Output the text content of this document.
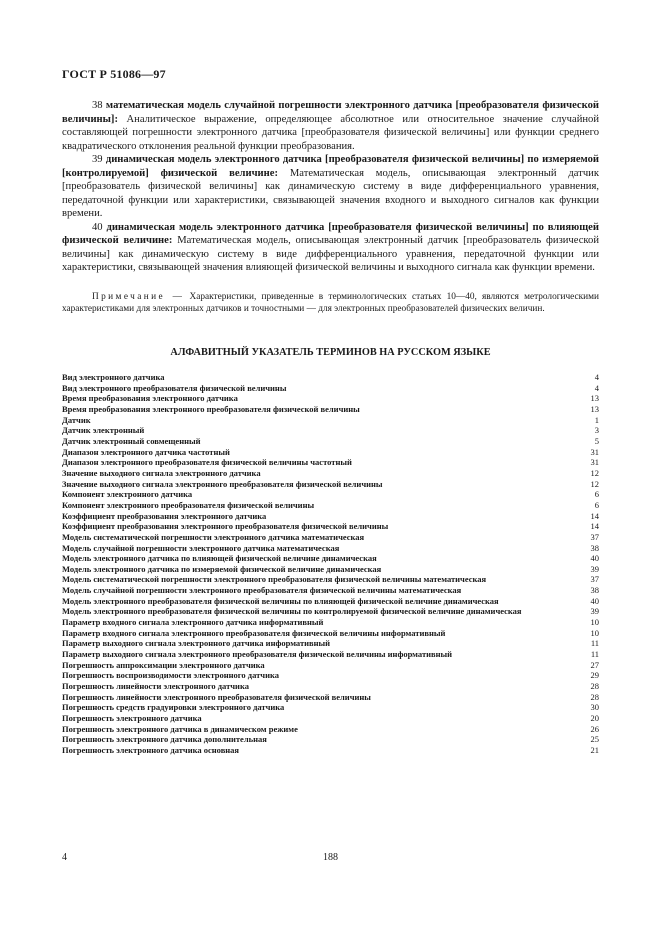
ГОСТ Р 51086—97

38 математическая модель случайной погрешности электронного датчика [преобразователя физической величины]: Аналитическое выражение, определяющее абсолютное или относительное значение случайной составляющей погрешности электронного датчика [преобразователя физической величины] или функции среднего квадратического отклонения реальной функции преобразования.

39 динамическая модель электронного датчика [преобразователя физической величины] по измеряемой [контролируемой] физической величине: Математическая модель, описывающая электронный датчик [преобразователь физической величины] как динамическую систему в виде дифференциального уравнения, передаточной функции или характеристики, связывающей значения входного и выходного сигналов как функции времени.

40 динамическая модель электронного датчика [преобразователя физической величины] по влияющей физической величине: Математическая модель, описывающая электронный датчик [преобразователь физической величины] как динамическую систему в виде дифференциального уравнения, передаточной функции или характеристики, связывающей значения влияющей физической величины и выходного сигнала как функции времени.

Примечание — Характеристики, приведенные в терминологических статьях 10—40, являются метрологическими характеристиками для электронных датчиков и точностными — для электронных преобразователей физических величин.

АЛФАВИТНЫЙ УКАЗАТЕЛЬ ТЕРМИНОВ НА РУССКОМ ЯЗЫКЕ
Вид электронного датчика	4
Вид электронного преобразователя физической величины	4
Время преобразования электронного датчика	13
Время преобразования электронного преобразователя физической величины	13
Датчик	1
Датчик электронный	3
Датчик электронный совмещенный	5
Диапазон электронного датчика частотный	31
Диапазон электронного преобразователя физической величины частотный	31
Значение выходного сигнала электронного датчика	12
Значение выходного сигнала электронного преобразователя физической величины	12
Компонент электронного датчика	6
Компонент электронного преобразователя физической величины	6
Коэффициент преобразования электронного датчика	14
Коэффициент преобразования электронного преобразователя физической величины	14
Модель систематической погрешности электронного датчика математическая	37
Модель случайной погрешности электронного датчика математическая	38
Модель электронного датчика по влияющей физической величине динамическая	40
Модель электронного датчика по измеряемой физической величине динамическая	39
Модель систематической погрешности электронного преобразователя физической величины математическая	37
Модель случайной погрешности электронного преобразователя физической величины математическая	38
Модель электронного преобразователя физической величины по влияющей физической величине динамическая	40
Модель электронного преобразователя физической величины по контролируемой физической величине динамическая	39
Параметр входного сигнала электронного датчика информативный	10
Параметр входного сигнала электронного преобразователя физической величины информативный	10
Параметр выходного сигнала электронного датчика информативный	11
Параметр выходного сигнала электронного преобразователя физической величины информативный	11
Погрешность аппроксимации электронного датчика	27
Погрешность воспроизводимости электронного датчика	29
Погрешность линейности электронного датчика	28
Погрешность линейности электронного преобразователя физической величины	28
Погрешность средств градуировки электронного датчика	30
Погрешность электронного датчика	20
Погрешность электронного датчика в динамическом режиме	26
Погрешность электронного датчика дополнительная	25
Погрешность электронного датчика основная	21
4	188
